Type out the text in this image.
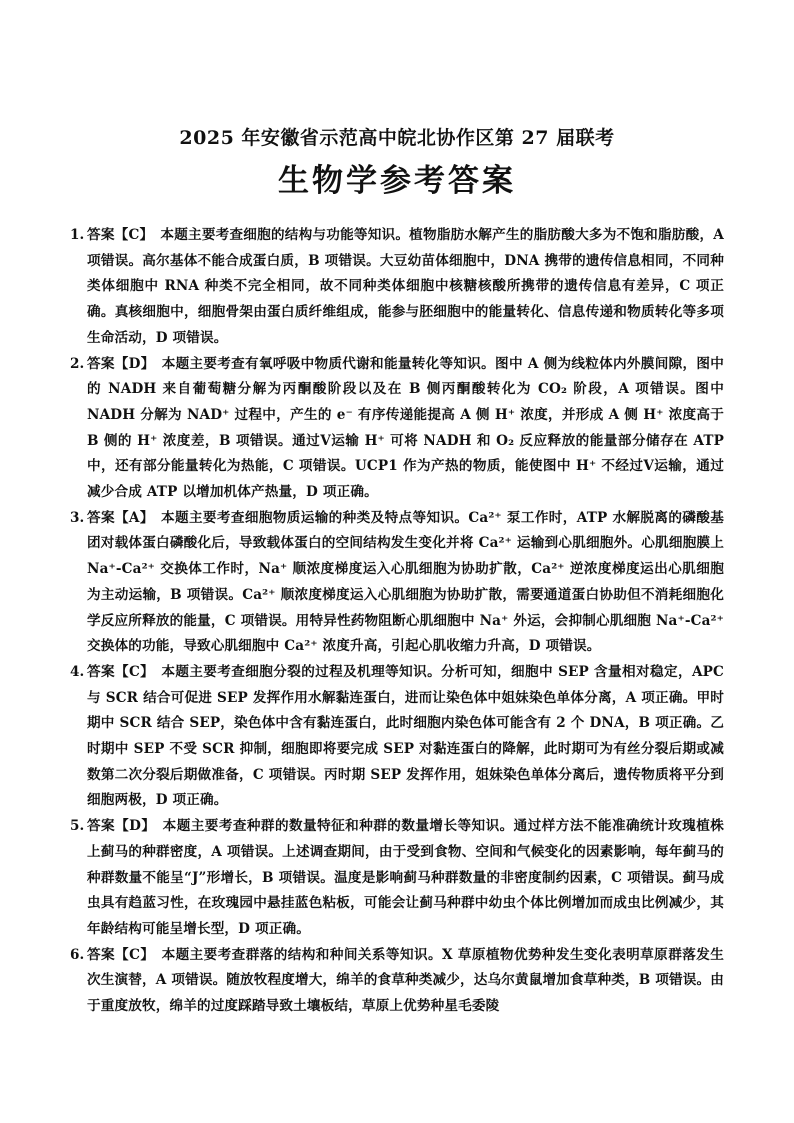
2025 年安徽省示范高中皖北协作区第 27 届联考
生物学参考答案
1. 答案【C】　本题主要考查细胞的结构与功能等知识。植物脂肪水解产生的脂肪酸大多为不饱和脂肪酸，A 项错误。高尔基体不能合成蛋白质，B 项错误。大豆幼苗体细胞中，DNA 携带的遗传信息相同，不同种类体细胞中 RNA 种类不完全相同，故不同种类体细胞中核糖核酸所携带的遗传信息有差异，C 项正确。真核细胞中，细胞骨架由蛋白质纤维组成，能参与胚细胞中的能量转化、信息传递和物质转化等多项生命活动，D 项错误。

2. 答案【D】　本题主要考查有氧呼吸中物质代谢和能量转化等知识。图中 A 侧为线粒体内外膜间隙，图中的 NADH 来自葡萄糖分解为丙酮酸阶段以及在 B 侧丙酮酸转化为 CO₂ 阶段，A 项错误。图中 NADH 分解为 NAD⁺ 过程中，产生的 e⁻ 有序传递能提高 A 侧 H⁺ 浓度，并形成 A 侧 H⁺ 浓度高于 B 侧的 H⁺ 浓度差，B 项错误。通过Ⅴ运输 H⁺ 可将 NADH 和 O₂ 反应释放的能量部分储存在 ATP 中，还有部分能量转化为热能，C 项错误。UCP1 作为产热的物质，能使图中 H⁺ 不经过Ⅴ运输，通过减少合成 ATP 以增加机体产热量，D 项正确。

3. 答案【A】　本题主要考查细胞物质运输的种类及特点等知识。Ca²⁺ 泵工作时，ATP 水解脱离的磷酸基团对载体蛋白磷酸化后，导致载体蛋白的空间结构发生变化并将 Ca²⁺ 运输到心肌细胞外。心肌细胞膜上 Na⁺-Ca²⁺ 交换体工作时，Na⁺ 顺浓度梯度运入心肌细胞为协助扩散，Ca²⁺ 逆浓度梯度运出心肌细胞为主动运输，B 项错误。Ca²⁺ 顺浓度梯度运入心肌细胞为协助扩散，需要通道蛋白协助但不消耗细胞化学反应所释放的能量，C 项错误。用特异性药物阻断心肌细胞中 Na⁺ 外运，会抑制心肌细胞 Na⁺-Ca²⁺ 交换体的功能，导致心肌细胞中 Ca²⁺ 浓度升高，引起心肌收缩力升高，D 项错误。

4. 答案【C】　本题主要考查细胞分裂的过程及机理等知识。分析可知，细胞中 SEP 含量相对稳定，APC 与 SCR 结合可促进 SEP 发挥作用水解黏连蛋白，进而让染色体中姐妹染色单体分离，A 项正确。甲时期中 SCR 结合 SEP，染色体中含有黏连蛋白，此时细胞内染色体可能含有 2 个 DNA，B 项正确。乙时期中 SEP 不受 SCR 抑制，细胞即将要完成 SEP 对黏连蛋白的降解，此时期可为有丝分裂后期或减数第二次分裂后期做准备，C 项错误。丙时期 SEP 发挥作用，姐妹染色单体分离后，遗传物质将平分到细胞两极，D 项正确。

5. 答案【D】　本题主要考查种群的数量特征和种群的数量增长等知识。通过样方法不能准确统计玫瑰植株上蓟马的种群密度，A 项错误。上述调查期间，由于受到食物、空间和气候变化的因素影响，每年蓟马的种群数量不能呈“J”形增长，B 项错误。温度是影响蓟马种群数量的非密度制约因素，C 项错误。蓟马成虫具有趋蓝习性，在玫瑰园中悬挂蓝色粘板，可能会让蓟马种群中幼虫个体比例增加而成虫比例减少，其年龄结构可能呈增长型，D 项正确。

6. 答案【C】　本题主要考查群落的结构和种间关系等知识。X 草原植物优势种发生变化表明草原群落发生次生演替，A 项错误。随放牧程度增大，绵羊的食草种类减少，达乌尔黄鼠增加食草种类，B 项错误。由于重度放牧，绵羊的过度踩踏导致土壤板结，草原上优势种星毛委陵
